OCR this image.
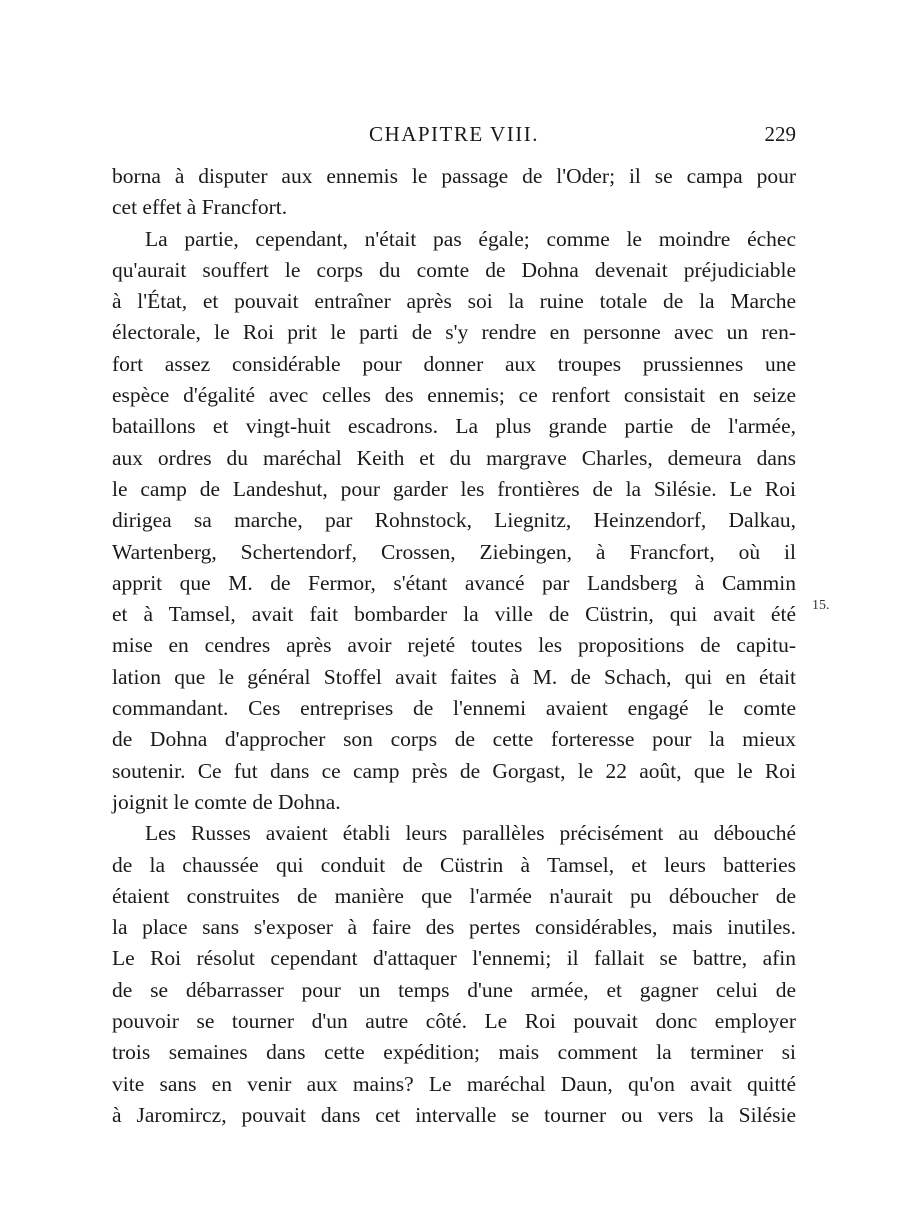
CHAPITRE VIII.	229
15.
borna à disputer aux ennemis le passage de l'Oder; il se campa pour
cet effet à Francfort.
La partie, cependant, n'était pas égale; comme le moindre échec
qu'aurait souffert le corps du comte de Dohna devenait préjudiciable
à l'État, et pouvait entraîner après soi la ruine totale de la Marche
électorale, le Roi prit le parti de s'y rendre en personne avec un ren-
fort assez considérable pour donner aux troupes prussiennes une
espèce d'égalité avec celles des ennemis; ce renfort consistait en seize
bataillons et vingt-huit escadrons. La plus grande partie de l'armée,
aux ordres du maréchal Keith et du margrave Charles, demeura dans
le camp de Landeshut, pour garder les frontières de la Silésie. Le Roi
dirigea sa marche, par Rohnstock, Liegnitz, Heinzendorf, Dalkau,
Wartenberg, Schertendorf, Crossen, Ziebingen, à Francfort, où il
apprit que M. de Fermor, s'étant avancé par Landsberg à Cammin
et à Tamsel, avait fait bombarder la ville de Cüstrin, qui avait été
mise en cendres après avoir rejeté toutes les propositions de capitu-
lation que le général Stoffel avait faites à M. de Schach, qui en était
commandant. Ces entreprises de l'ennemi avaient engagé le comte
de Dohna d'approcher son corps de cette forteresse pour la mieux
soutenir. Ce fut dans ce camp près de Gorgast, le 22 août, que le Roi
joignit le comte de Dohna.
Les Russes avaient établi leurs parallèles précisément au débouché
de la chaussée qui conduit de Cüstrin à Tamsel, et leurs batteries
étaient construites de manière que l'armée n'aurait pu déboucher de
la place sans s'exposer à faire des pertes considérables, mais inutiles.
Le Roi résolut cependant d'attaquer l'ennemi; il fallait se battre, afin
de se débarrasser pour un temps d'une armée, et gagner celui de
pouvoir se tourner d'un autre côté. Le Roi pouvait donc employer
trois semaines dans cette expédition; mais comment la terminer si
vite sans en venir aux mains? Le maréchal Daun, qu'on avait quitté
à Jaromircz, pouvait dans cet intervalle se tourner ou vers la Silésie
